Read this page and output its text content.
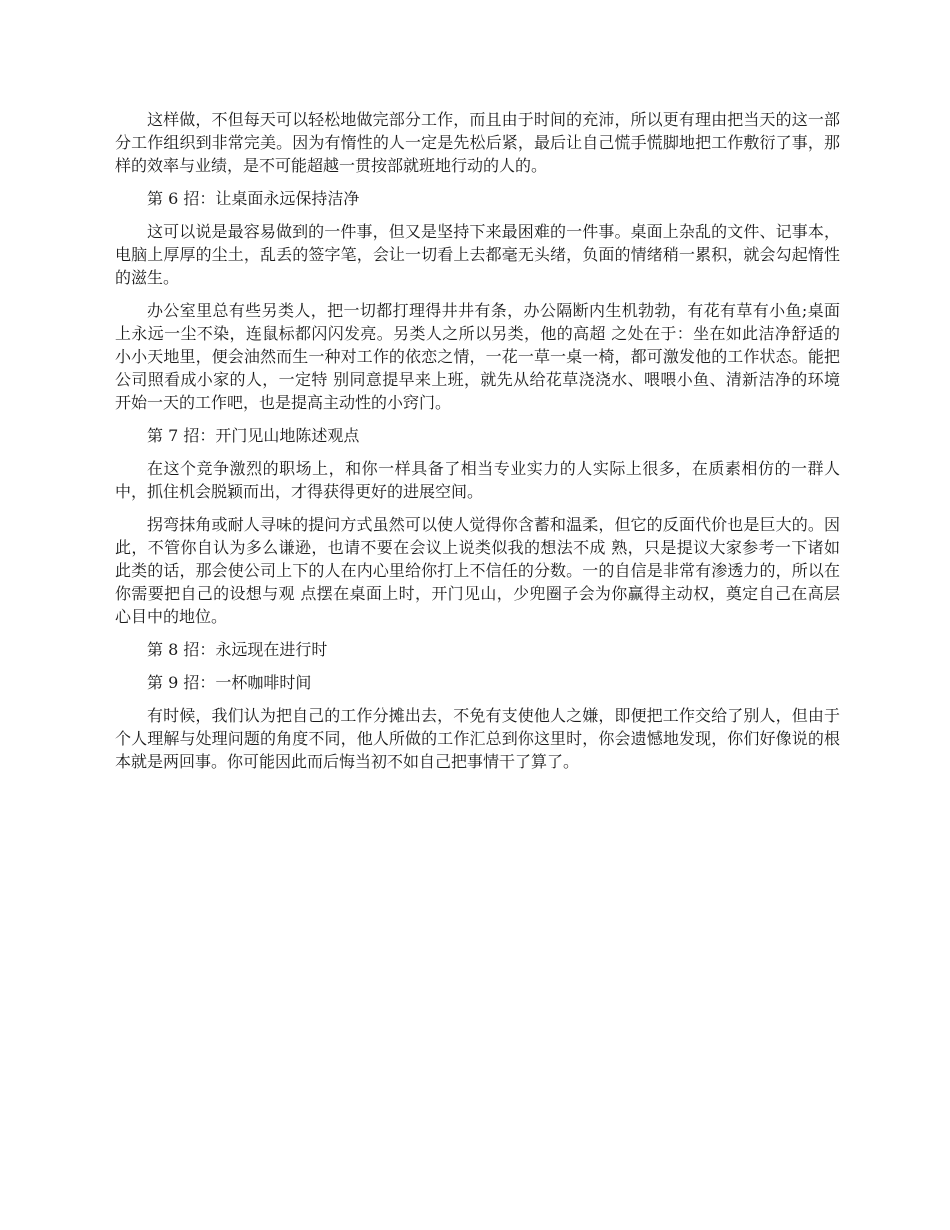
这样做，不但每天可以轻松地做完部分工作，而且由于时间的充沛，所以更有理由把当天的这一部分工作组织到非常完美。因为有惰性的人一定是先松后紧，最后让自己慌手慌脚地把工作敷衍了事，那样的效率与业绩，是不可能超越一贯按部就班地行动的人的。

第 6 招：让桌面永远保持洁净

这可以说是最容易做到的一件事，但又是坚持下来最困难的一件事。桌面上杂乱的文件、记事本，电脑上厚厚的尘土，乱丢的签字笔，会让一切看上去都毫无头绪，负面的情绪稍一累积，就会勾起惰性的滋生。

办公室里总有些另类人，把一切都打理得井井有条，办公隔断内生机勃勃，有花有草有小鱼;桌面上永远一尘不染，连鼠标都闪闪发亮。另类人之所以另类，他的高超 之处在于：坐在如此洁净舒适的小小天地里，便会油然而生一种对工作的依恋之情，一花一草一桌一椅，都可激发他的工作状态。能把公司照看成小家的人，一定特 别同意提早来上班，就先从给花草浇浇水、喂喂小鱼、清新洁净的环境开始一天的工作吧，也是提高主动性的小窍门。

第 7 招：开门见山地陈述观点

在这个竞争激烈的职场上，和你一样具备了相当专业实力的人实际上很多，在质素相仿的一群人中，抓住机会脱颖而出，才得获得更好的进展空间。

拐弯抹角或耐人寻味的提问方式虽然可以使人觉得你含蓄和温柔，但它的反面代价也是巨大的。因此，不管你自认为多么谦逊，也请不要在会议上说类似我的想法不成 熟，只是提议大家参考一下诸如此类的话，那会使公司上下的人在内心里给你打上不信任的分数。一的自信是非常有渗透力的，所以在你需要把自己的设想与观 点摆在桌面上时，开门见山，少兜圈子会为你赢得主动权，奠定自己在高层心目中的地位。

第 8 招：永远现在进行时

第 9 招：一杯咖啡时间

有时候，我们认为把自己的工作分摊出去，不免有支使他人之嫌，即便把工作交给了别人，但由于个人理解与处理问题的角度不同，他人所做的工作汇总到你这里时，你会遗憾地发现，你们好像说的根本就是两回事。你可能因此而后悔当初不如自己把事情干了算了。
